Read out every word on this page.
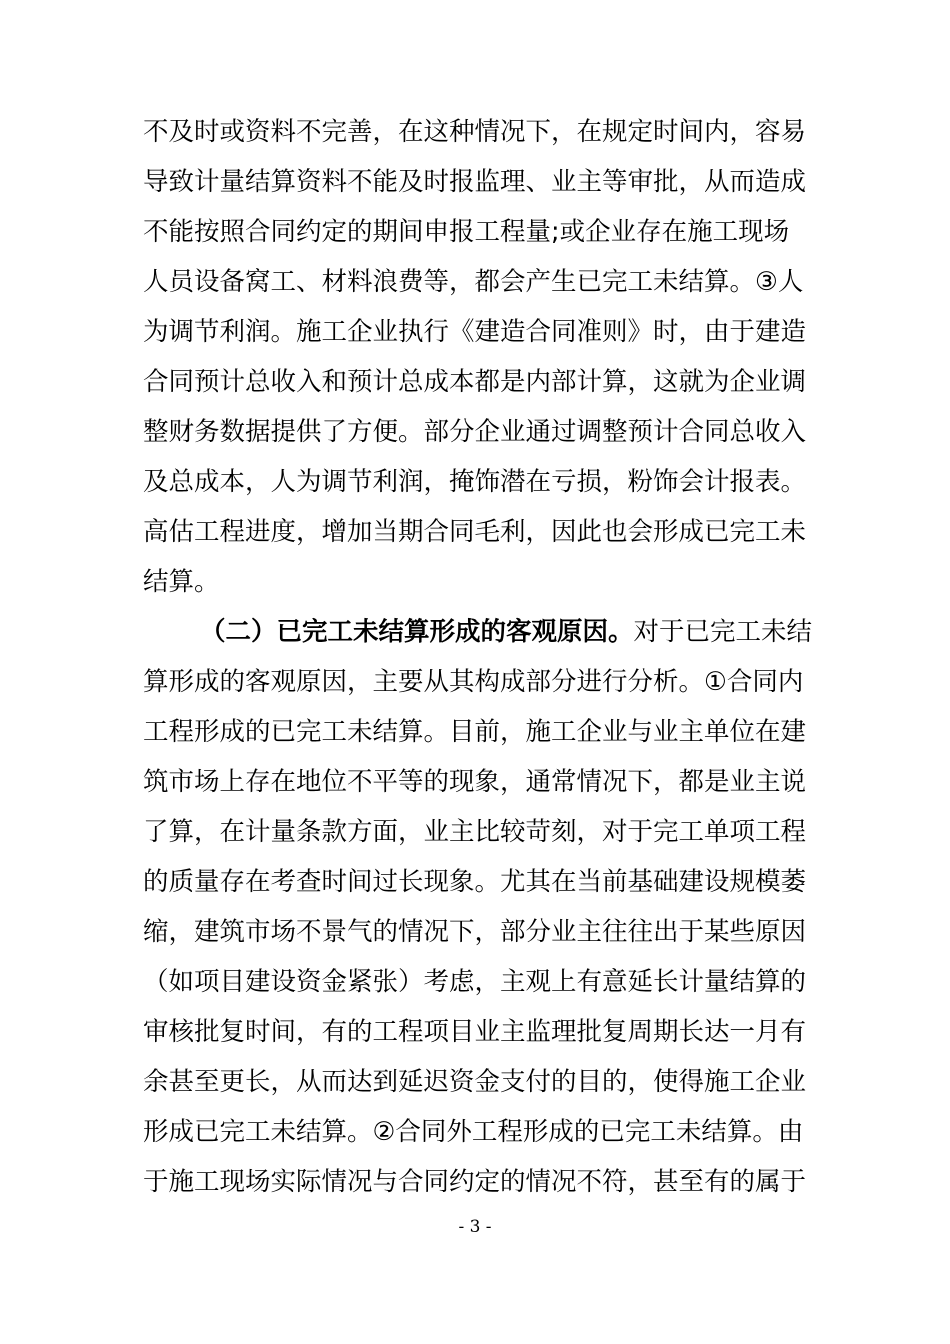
不及时或资料不完善，在这种情况下，在规定时间内，容易
导致计量结算资料不能及时报监理、业主等审批，从而造成
不能按照合同约定的期间申报工程量;或企业存在施工现场
人员设备窝工、材料浪费等，都会产生已完工未结算。③人
为调节利润。施工企业执行《建造合同准则》时，由于建造
合同预计总收入和预计总成本都是内部计算，这就为企业调
整财务数据提供了方便。部分企业通过调整预计合同总收入
及总成本，人为调节利润，掩饰潜在亏损，粉饰会计报表。
高估工程进度，增加当期合同毛利，因此也会形成已完工未
结算。
（二）已完工未结算形成的客观原因。对于已完工未结
算形成的客观原因，主要从其构成部分进行分析。①合同内
工程形成的已完工未结算。目前，施工企业与业主单位在建
筑市场上存在地位不平等的现象，通常情况下，都是业主说
了算，在计量条款方面，业主比较苛刻，对于完工单项工程
的质量存在考查时间过长现象。尤其在当前基础建设规模萎
缩，建筑市场不景气的情况下，部分业主往往出于某些原因
（如项目建设资金紧张）考虑，主观上有意延长计量结算的
审核批复时间，有的工程项目业主监理批复周期长达一月有
余甚至更长，从而达到延迟资金支付的目的，使得施工企业
形成已完工未结算。②合同外工程形成的已完工未结算。由
于施工现场实际情况与合同约定的情况不符，甚至有的属于
- 3 -
